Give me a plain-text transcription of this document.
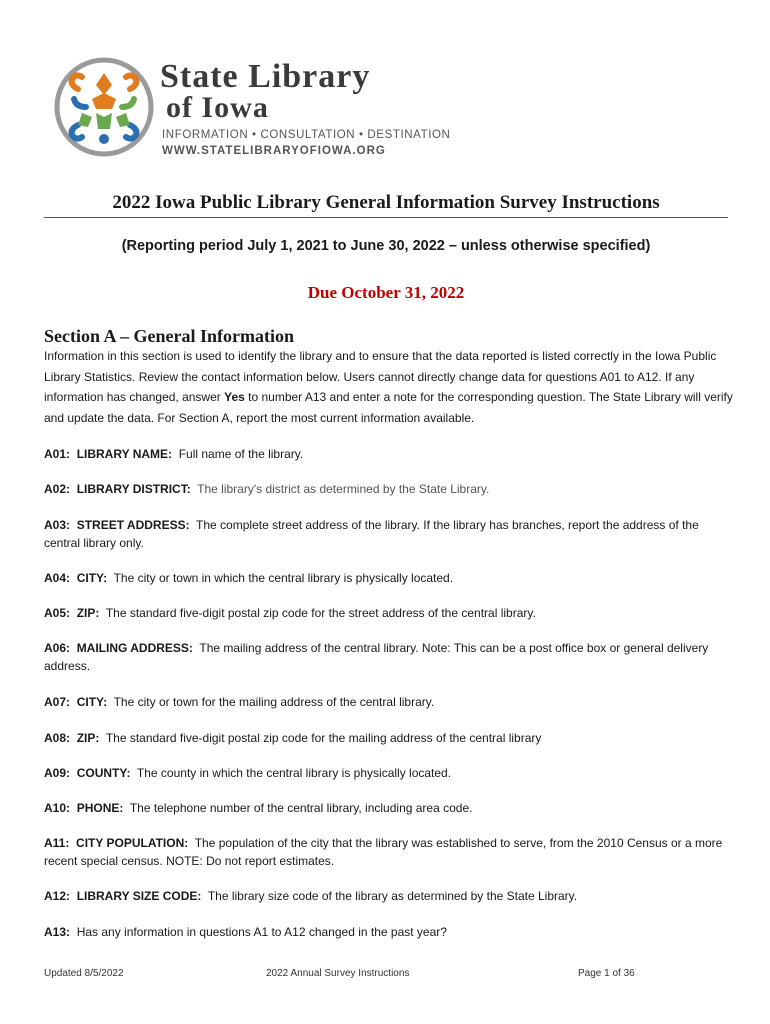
State Library
of Iowa
INFORMATION • CONSULTATION • DESTINATION
WWW.STATELIBRARYOFIOWA.ORG
2022 Iowa Public Library General Information Survey Instructions
(Reporting period July 1, 2021 to June 30, 2022 – unless otherwise specified)
Due October 31, 2022
Section A – General Information
Information in this section is used to identify the library and to ensure that the data reported is listed correctly in the Iowa Public Library Statistics. Review the contact information below. Users cannot directly change data for questions A01 to A12. If any information has changed, answer Yes to number A13 and enter a note for the corresponding question. The State Library will verify and update the data. For Section A, report the most current information available.
A01: LIBRARY NAME: Full name of the library.
A02: LIBRARY DISTRICT: The library's district as determined by the State Library.
A03: STREET ADDRESS: The complete street address of the library. If the library has branches, report the address of the central library only.
A04: CITY: The city or town in which the central library is physically located.
A05: ZIP: The standard five-digit postal zip code for the street address of the central library.
A06: MAILING ADDRESS: The mailing address of the central library. Note: This can be a post office box or general delivery address.
A07: CITY: The city or town for the mailing address of the central library.
A08: ZIP: The standard five-digit postal zip code for the mailing address of the central library
A09: COUNTY: The county in which the central library is physically located.
A10: PHONE: The telephone number of the central library, including area code.
A11: CITY POPULATION: The population of the city that the library was established to serve, from the 2010 Census or a more recent special census. NOTE: Do not report estimates.
A12: LIBRARY SIZE CODE: The library size code of the library as determined by the State Library.
A13: Has any information in questions A1 to A12 changed in the past year?
Updated 8/5/2022	2022 Annual Survey Instructions	Page 1 of 36
